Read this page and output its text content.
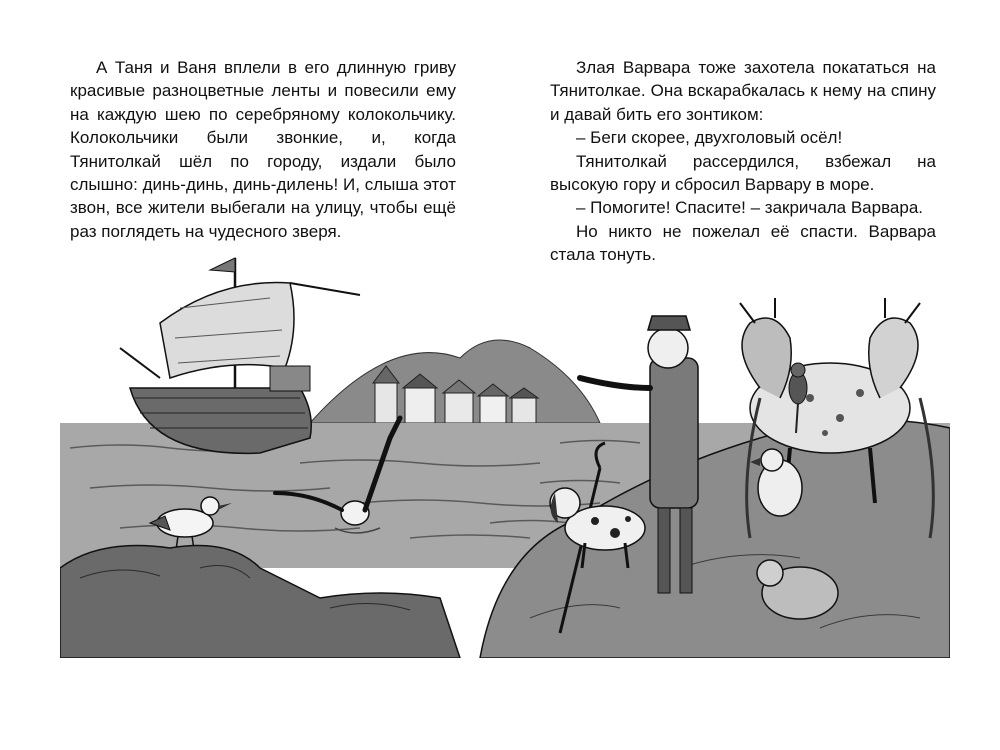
А Таня и Ваня вплели в его длинную гриву красивые разноцветные ленты и повесили ему на каждую шею по серебряному колокольчику. Колокольчики были звонкие, и, когда Тянитолкай шёл по городу, издали было слышно: динь-динь, динь-дилень! И, слыша этот звон, все жители выбегали на улицу, чтобы ещё раз поглядеть на чудесного зверя.

Злая Варвара тоже захотела покататься на Тянитолкае. Она вскарабкалась к нему на спину и давай бить его зонтиком:

– Беги скорее, двухголовый осёл!

Тянитолкай рассердился, взбежал на высокую гору и сбросил Варвару в море.

– Помогите! Спасите! – закричала Варвара.

Но никто не пожелал её спасти. Варвара стала тонуть.
